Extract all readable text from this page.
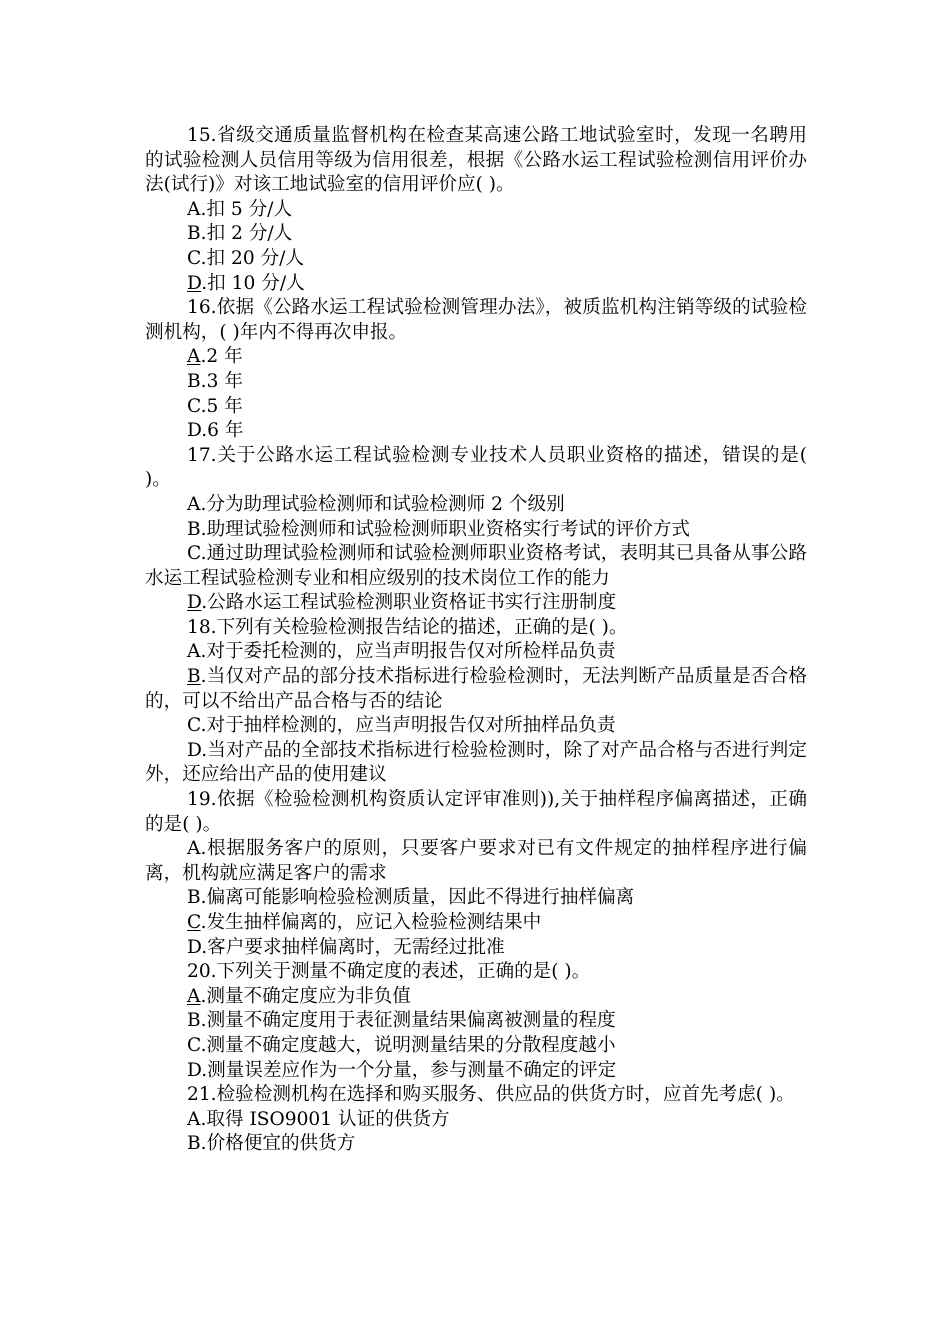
15.省级交通质量监督机构在检查某高速公路工地试验室时，发现一名聘用的试验检测人员信用等级为信用很差，根据《公路水运工程试验检测信用评价办法(试行)》对该工地试验室的信用评价应( )。

A.扣 5 分/人

B.扣 2 分/人

C.扣 20 分/人

D.扣 10 分/人

16.依据《公路水运工程试验检测管理办法》，被质监机构注销等级的试验检测机构，( )年内不得再次申报。

A.2 年

B.3 年

C.5 年

D.6 年

17.关于公路水运工程试验检测专业技术人员职业资格的描述，错误的是( )。

A.分为助理试验检测师和试验检测师 2 个级别

B.助理试验检测师和试验检测师职业资格实行考试的评价方式

C.通过助理试验检测师和试验检测师职业资格考试，表明其已具备从事公路水运工程试验检测专业和相应级别的技术岗位工作的能力

D.公路水运工程试验检测职业资格证书实行注册制度

18.下列有关检验检测报告结论的描述，正确的是( )。

A.对于委托检测的，应当声明报告仅对所检样品负责

B.当仅对产品的部分技术指标进行检验检测时，无法判断产品质量是否合格的，可以不给出产品合格与否的结论

C.对于抽样检测的，应当声明报告仅对所抽样品负责

D.当对产品的全部技术指标进行检验检测时，除了对产品合格与否进行判定外，还应给出产品的使用建议

19.依据《检验检测机构资质认定评审准则)),关于抽样程序偏离描述，正确的是( )。

A.根据服务客户的原则，只要客户要求对已有文件规定的抽样程序进行偏离，机构就应满足客户的需求

B.偏离可能影响检验检测质量，因此不得进行抽样偏离

C.发生抽样偏离的，应记入检验检测结果中

D.客户要求抽样偏离时，无需经过批准

20.下列关于测量不确定度的表述，正确的是( )。

A.测量不确定度应为非负值

B.测量不确定度用于表征测量结果偏离被测量的程度

C.测量不确定度越大，说明测量结果的分散程度越小

D.测量误差应作为一个分量，参与测量不确定的评定

21.检验检测机构在选择和购买服务、供应品的供货方时，应首先考虑( )。

A.取得 ISO9001 认证的供货方

B.价格便宜的供货方
